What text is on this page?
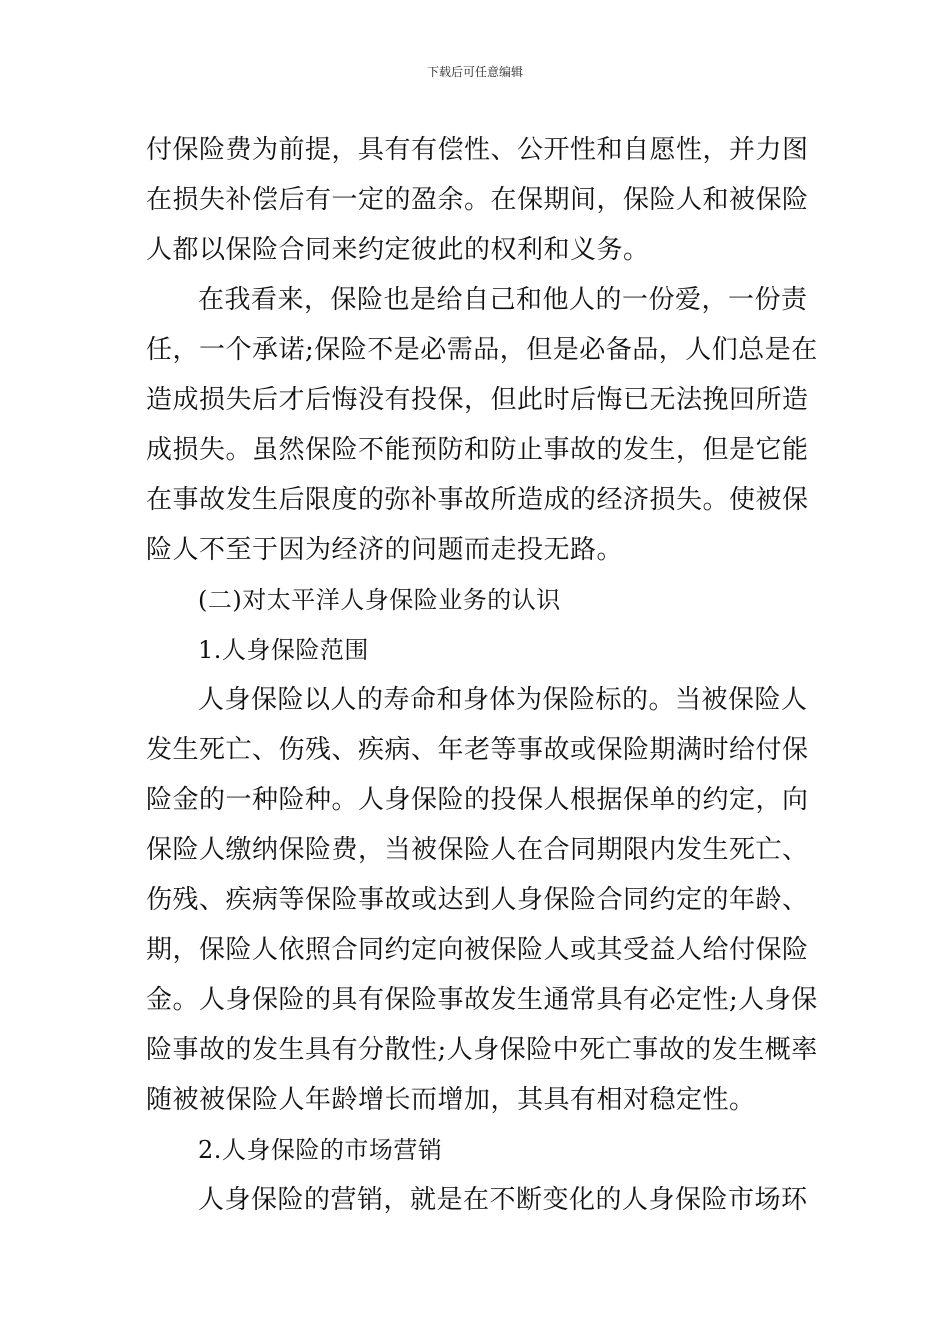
下载后可任意编辑
付保险费为前提，具有有偿性、公开性和自愿性，并力图
在损失补偿后有一定的盈余。在保期间，保险人和被保险
人都以保险合同来约定彼此的权利和义务。
在我看来，保险也是给自己和他人的一份爱，一份责
任，一个承诺;保险不是必需品，但是必备品，人们总是在
造成损失后才后悔没有投保，但此时后悔已无法挽回所造
成损失。虽然保险不能预防和防止事故的发生，但是它能
在事故发生后限度的弥补事故所造成的经济损失。使被保
险人不至于因为经济的问题而走投无路。
(二)对太平洋人身保险业务的认识
1.人身保险范围
人身保险以人的寿命和身体为保险标的。当被保险人
发生死亡、伤残、疾病、年老等事故或保险期满时给付保
险金的一种险种。人身保险的投保人根据保单的约定，向
保险人缴纳保险费，当被保险人在合同期限内发生死亡、
伤残、疾病等保险事故或达到人身保险合同约定的年龄、
期，保险人依照合同约定向被保险人或其受益人给付保险
金。人身保险的具有保险事故发生通常具有必定性;人身保
险事故的发生具有分散性;人身保险中死亡事故的发生概率
随被被保险人年龄增长而增加，其具有相对稳定性。
2.人身保险的市场营销
人身保险的营销，就是在不断变化的人身保险市场环
